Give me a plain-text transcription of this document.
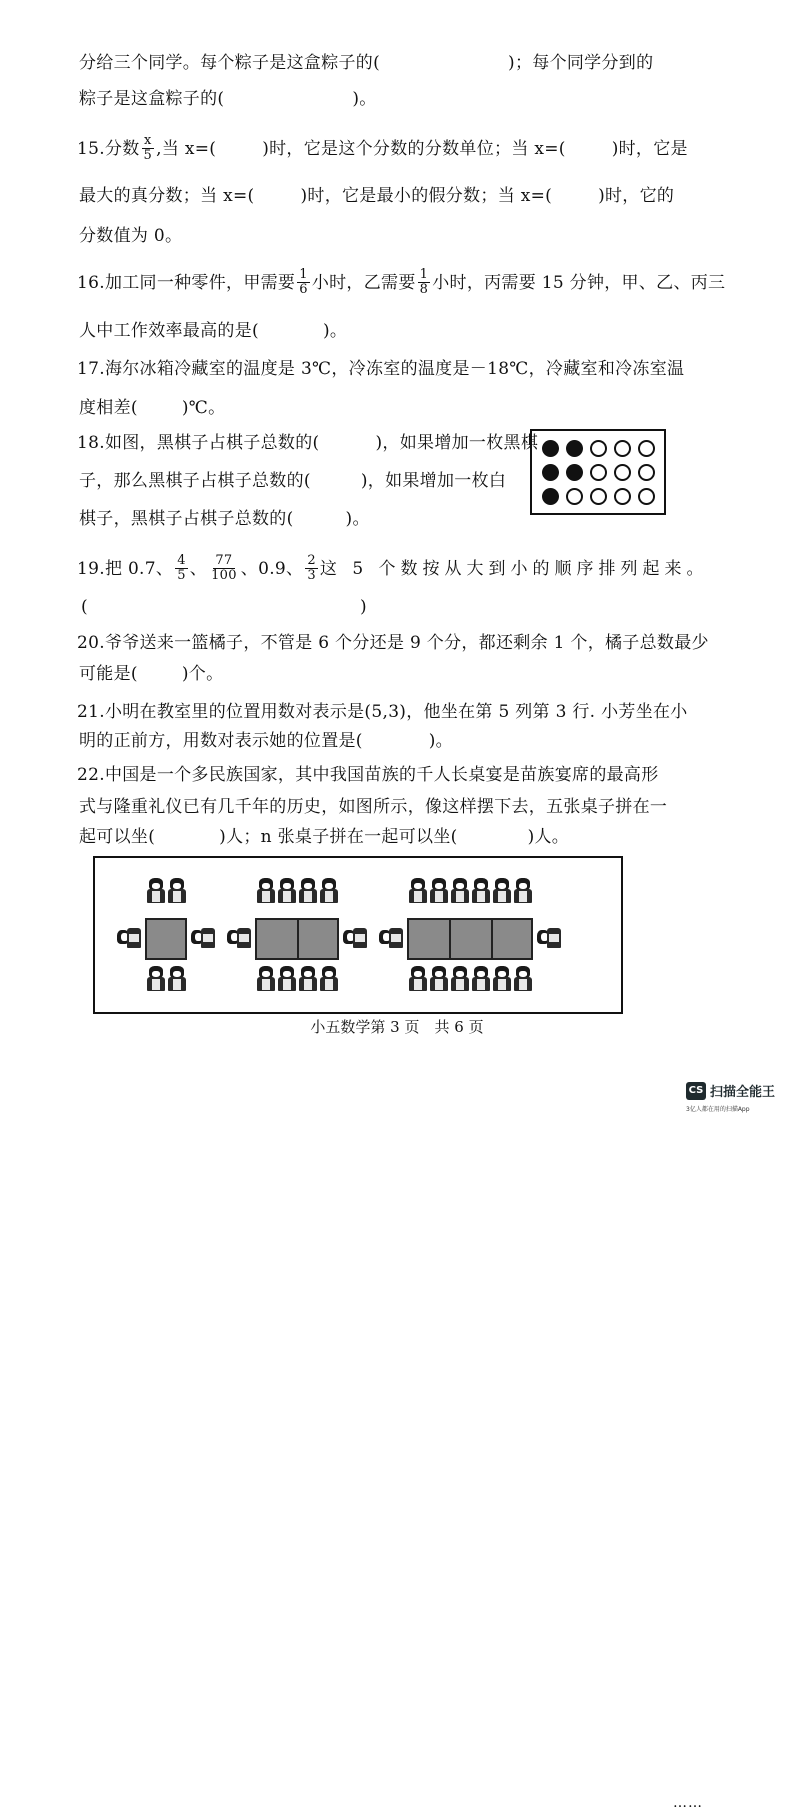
分给三个同学。每个粽子是这盒粽子的(	)；每个同学分到的
粽子是这盒粽子的(	)。
15.分数 $\frac{x}{5}$ ,当 x=(	)时，它是这个分数的分数单位；当 x=(	)时，它是
最大的真分数；当 x=(	)时，它是最小的假分数；当 x=(	)时，它的
分数值为 0。
16.加工同一种零件，甲需要 $\frac{1}{6}$ 小时，乙需要 $\frac{1}{8}$ 小时，丙需要 15 分钟，甲、乙、丙三
人中工作效率最高的是(	)。
17.海尔冰箱冷藏室的温度是 3℃，冷冻室的温度是－18℃，冷藏室和冷冻室温
度相差(	)℃。
18.如图，黑棋子占棋子总数的(	)，如果增加一枚黑棋
子，那么黑棋子占棋子总数的(	)，如果增加一枚白
棋子，黑棋子占棋子总数的(	)。
19.把 0.7、 $\frac{4}{5}$ 、 $\frac{77}{100}$ 、0.9、 $\frac{2}{3}$ 这 5 个数按从大到小的顺序排列起来。
(	)
20.爷爷送来一篮橘子，不管是 6 个分还是 9 个分，都还剩余 1 个，橘子总数最少
可能是(	)个。
21.小明在教室里的位置用数对表示是(5,3)，他坐在第 5 列第 3 行. 小芳坐在小
明的正前方，用数对表示她的位置是(	)。
22.中国是一个多民族国家，其中我国苗族的千人长桌宴是苗族宴席的最高形
式与隆重礼仪已有几千年的历史，如图所示，像这样摆下去，五张桌子拼在一
起可以坐(	)人；n 张桌子拼在一起可以坐(	)人。
……
小五数学第 3 页　共 6 页
CS 扫描全能王
3亿人都在用的扫描App
